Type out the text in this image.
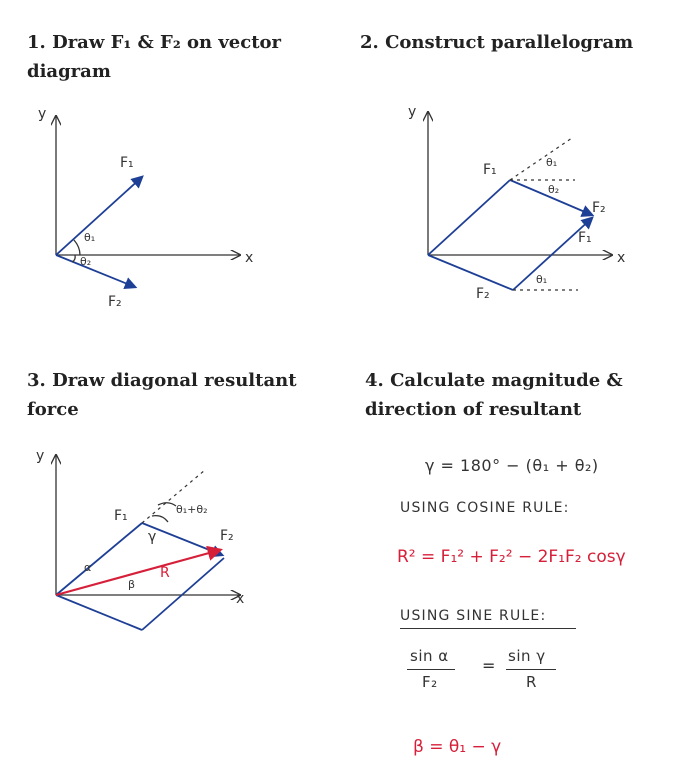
1. Draw F₁ & F₂ on vector diagram

2. Construct parallelogram

3. Draw diagonal resultant force

4. Calculate magnitude & direction of resultant

y
x
F₁
F₂
θ₁
θ₂
y
x
F₁
F₂
F₁
F₂
θ₁
θ₂
θ₁
y
x
F₁
F₂
θ₁+θ₂
γ
R
α
β
γ = 180° − (θ₁ + θ₂)
USING COSINE RULE:
R² = F₁² + F₂² − 2F₁F₂ cosγ
USING SINE RULE:
sin α
F₂
= sin γ
R
β = θ₁ − γ
